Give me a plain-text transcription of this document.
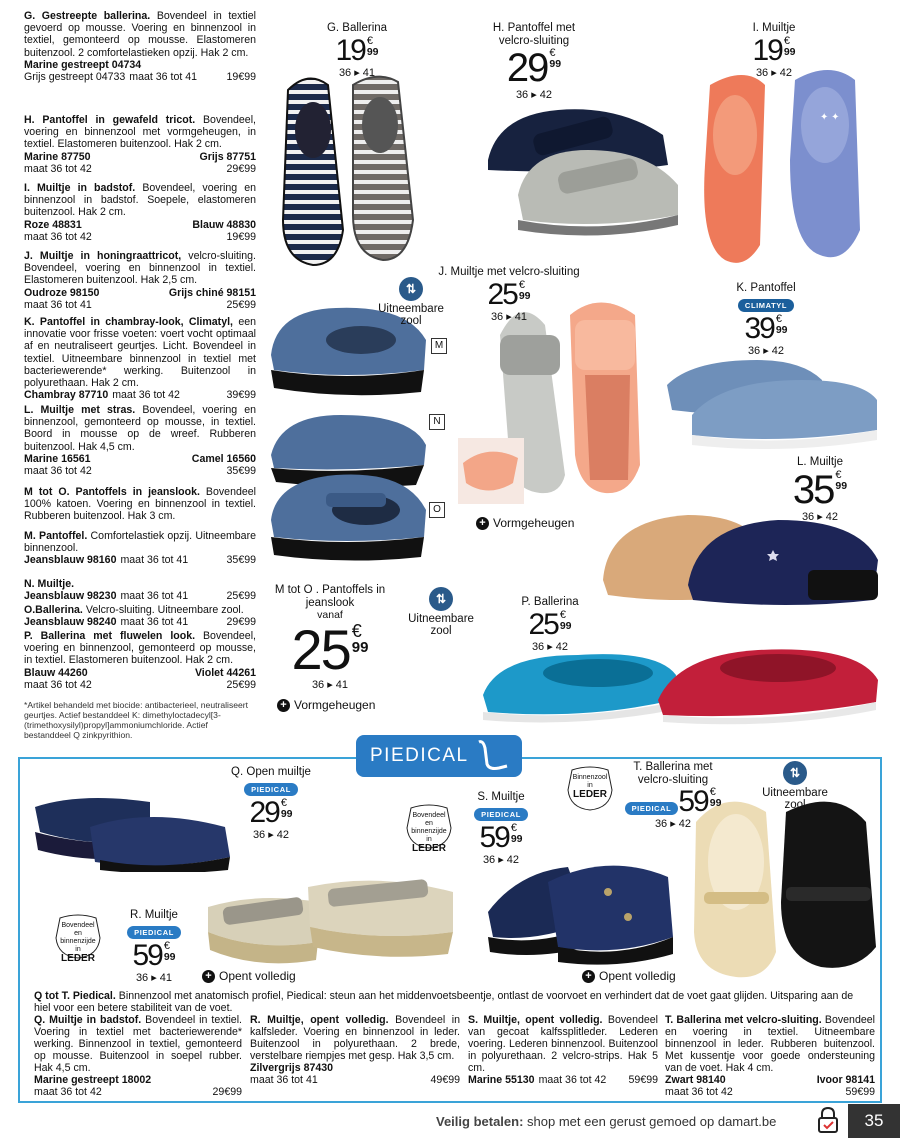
G. Gestreepte ballerina. Bovendeel in textiel gevoerd op mousse. Voering en binnenzool in textiel, gemonteerd op mousse. Elastomeren buitenzool. 2 comfortelastieken opzij. Hak 2 cm.
Marine gestreept 04734
Grijs gestreept 04733 maat 36 tot 41	19€99
H. Pantoffel in gewafeld tricot. Bovendeel, voering en binnenzool met vormgeheugen, in textiel. Elastomeren buitenzool. Hak 2 cm.
Marine 87750	Grijs 87751
maat 36 tot 42	29€99
I. Muiltje in badstof. Bovendeel, voering en binnenzool in badstof. Soepele, elastomeren buitenzool. Hak 2 cm.
Roze 48831	Blauw 48830
maat 36 tot 42	19€99
J. Muiltje in honingraattricot, velcro-sluiting. Bovendeel, voering en binnenzool in textiel. Elastomeren buitenzool. Hak 2,5 cm.
Oudroze 98150	Grijs chiné 98151
maat 36 tot 41	25€99
K. Pantoffel in chambray-look, Climatyl, een innovatie voor frisse voeten: voert vocht optimaal af en neutraliseert geurtjes. Licht. Bovendeel in textiel. Uitneembare binnenzool in textiel met bacteriewerende* werking. Buitenzool in polyurethaan. Hak 2 cm.
Chambray 87710 maat 36 tot 42	39€99
L. Muiltje met stras. Bovendeel, voering en binnenzool, gemonteerd op mousse, in textiel. Boord in mousse op de wreef. Rubberen buitenzool. Hak 4,5 cm.
Marine 16561	Camel 16560
maat 36 tot 42	35€99
M tot O. Pantoffels in jeanslook. Bovendeel 100% katoen. Voering en binnenzool in textiel. Rubberen buitenzool. Hak 3 cm.
M. Pantoffel. Comfortelastiek opzij. Uitneembare binnenzool.
Jeansblauw 98160 maat 36 tot 41	35€99
N. Muiltje.
Jeansblauw 98230 maat 36 tot 41	25€99
O.Ballerina. Velcro-sluiting. Uitneembare zool.
Jeansblauw 98240 maat 36 tot 41	29€99
P. Ballerina met fluwelen look. Bovendeel, voering en binnenzool, gemonteerd op mousse, in textiel. Elastomeren buitenzool. Hak 2 cm.
Blauw 44260	Violet 44261
maat 36 tot 42	25€99
*Artikel behandeld met biocide: antibacterieel, neutraliseert geurtjes. Actief bestanddeel K: dimethyloctadecyl[3-(trimethoxysilyl)propyl]ammoniumchloride. Actief bestanddeel Q zinkpyrithion.
✦ ✦
G. Ballerina
19 €
99
36 ▸ 41
H. Pantoffel met velcro-sluiting
29 €
99
36 ▸ 42
I. Muiltje
19 €
99
36 ▸ 42
J. Muiltje met velcro-sluiting
25 €
99
36 ▸ 41
K. Pantoffel
CLIMATYL
39 €
99
36 ▸ 42
L. Muiltje
35 €
99
36 ▸ 42
M tot O . Pantoffels in jeanslook
vanaf
25 €
99
36 ▸ 41
P. Ballerina
25 €
99
36 ▸ 42
Q. Open muiltje
PIEDICAL
29 €
99
36 ▸ 42
R. Muiltje
PIEDICAL
59 €
99
36 ▸ 41
S. Muiltje
PIEDICAL
59 €
99
36 ▸ 42
T. Ballerina met velcro-sluiting
PIEDICAL 59 €
99
36 ▸ 42
M
N
O
⇅
Uitneembare zool
⇅
Uitneembare zool
⇅
Uitneembare zool
+ Vormgeheugen
+ Vormgeheugen
+ Opent volledig	+ Opent volledig
PIEDICAL
Bovendeel
en
binnenzijde
in
LEDER
Binnenzool
in
LEDER
Bovendeel
en
binnenzijde
in
LEDER
Q tot T. Piedical. Binnenzool met anatomisch profiel, Piedical: steun aan het middenvoetsbeentje, ontlast de voorvoet en verhindert dat de voet gaat glijden. Uitsparing aan de hiel voor een betere stabiliteit van de voet.
Q. Muiltje in badstof. Bovendeel in textiel. Voering in textiel met bacteriewerende* werking. Binnenzool in textiel, gemonteerd op mousse. Buitenzool in soepel rubber. Hak 4,5 cm.
Marine gestreept 18002
maat 36 tot 42	29€99
R. Muiltje, opent volledig. Bovendeel in kalfsleder. Voering en binnenzool in leder. Buitenzool in polyurethaan. 2 brede, verstelbare riempjes met gesp. Hak 3,5 cm.
Zilvergrijs 87430
maat 36 tot 41	49€99
S. Muiltje, opent volledig. Bovendeel van gecoat kalfssplitleder. Lederen voering. Lederen binnenzool. Buitenzool in polyurethaan. 2 velcro-strips. Hak 5 cm.
Marine 55130 maat 36 tot 42	59€99
T. Ballerina met velcro-sluiting. Bovendeel en voering in textiel. Uitneembare binnenzool in leder. Rubberen buitenzool. Met kussentje voor goede ondersteuning van de voet. Hak 4 cm.
Zwart 98140	Ivoor 98141
maat 36 tot 42	59€99
Veilig betalen: shop met een gerust gemoed op damart.be	35
